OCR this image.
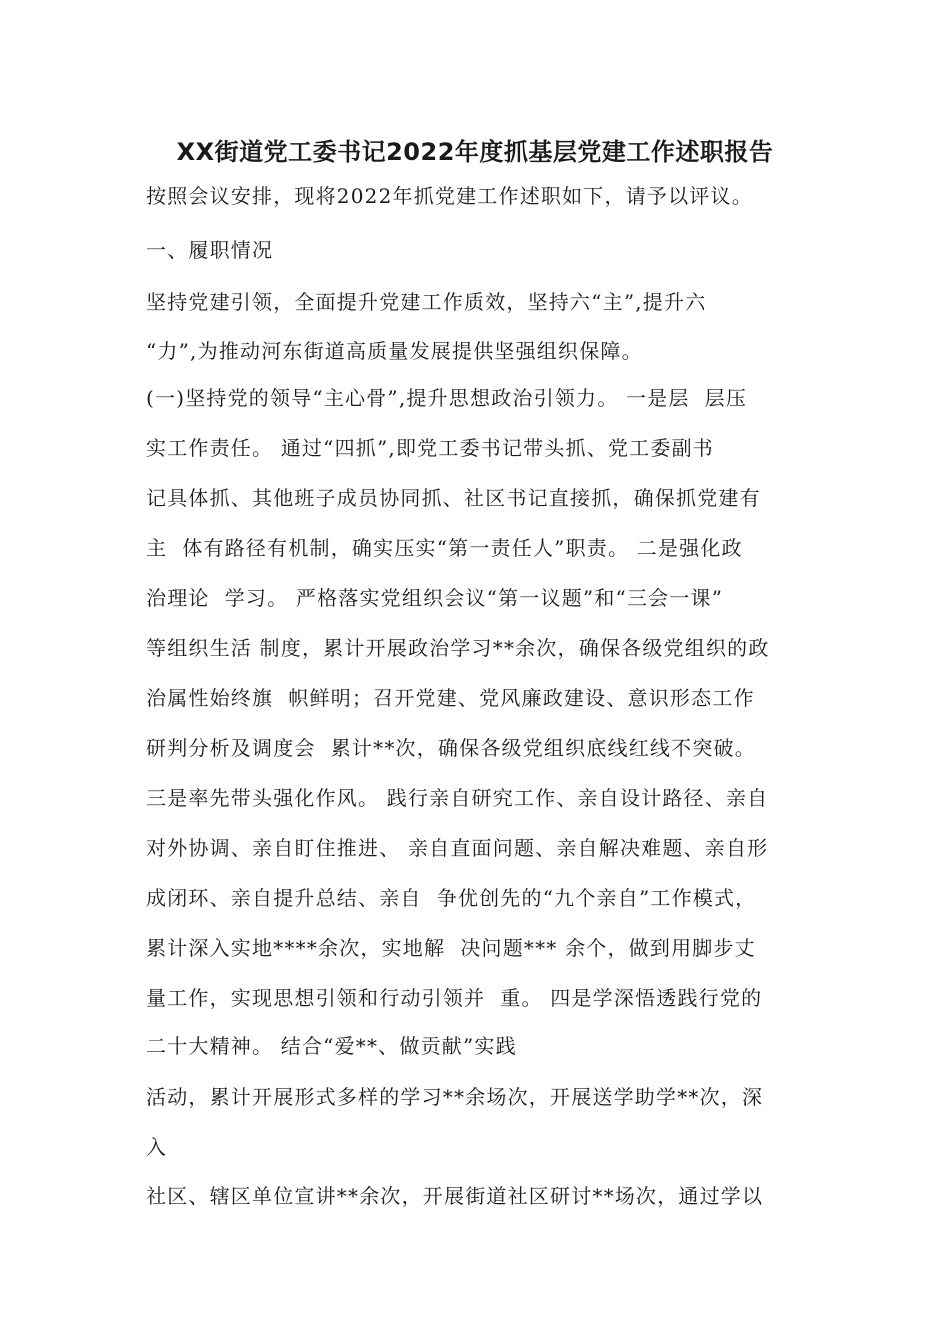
XX街道党工委书记2022年度抓基层党建工作述职报告
按照会议安排，现将2022年抓党建工作述职如下，请予以评议。
一、履职情况
坚持党建引领，全面提升党建工作质效，坚持六“主”,提升六
“力”,为推动河东街道高质量发展提供坚强组织保障。
(一)坚持党的领导“主心骨”,提升思想政治引领力。 一是层  层压
实工作责任。 通过“四抓”,即党工委书记带头抓、党工委副书
记具体抓、其他班子成员协同抓、社区书记直接抓，确保抓党建有
主  体有路径有机制，确实压实“第一责任人”职责。 二是强化政
治理论  学习。 严格落实党组织会议“第一议题”和“三会一课”
等组织生活 制度，累计开展政治学习**余次，确保各级党组织的政
治属性始终旗  帜鲜明；召开党建、党风廉政建设、意识形态工作
研判分析及调度会  累计**次，确保各级党组织底线红线不突破。
三是率先带头强化作风。 践行亲自研究工作、亲自设计路径、亲自
对外协调、亲自盯住推进、 亲自直面问题、亲自解决难题、亲自形
成闭环、亲自提升总结、亲自  争优创先的“九个亲自”工作模式，
累计深入实地****余次，实地解  决问题*** 余个，做到用脚步丈
量工作，实现思想引领和行动引领并  重。 四是学深悟透践行党的
二十大精神。 结合“爱**、做贡献”实践
活动，累计开展形式多样的学习**余场次，开展送学助学**次，深
入
社区、辖区单位宣讲**余次，开展街道社区研讨**场次，通过学以
